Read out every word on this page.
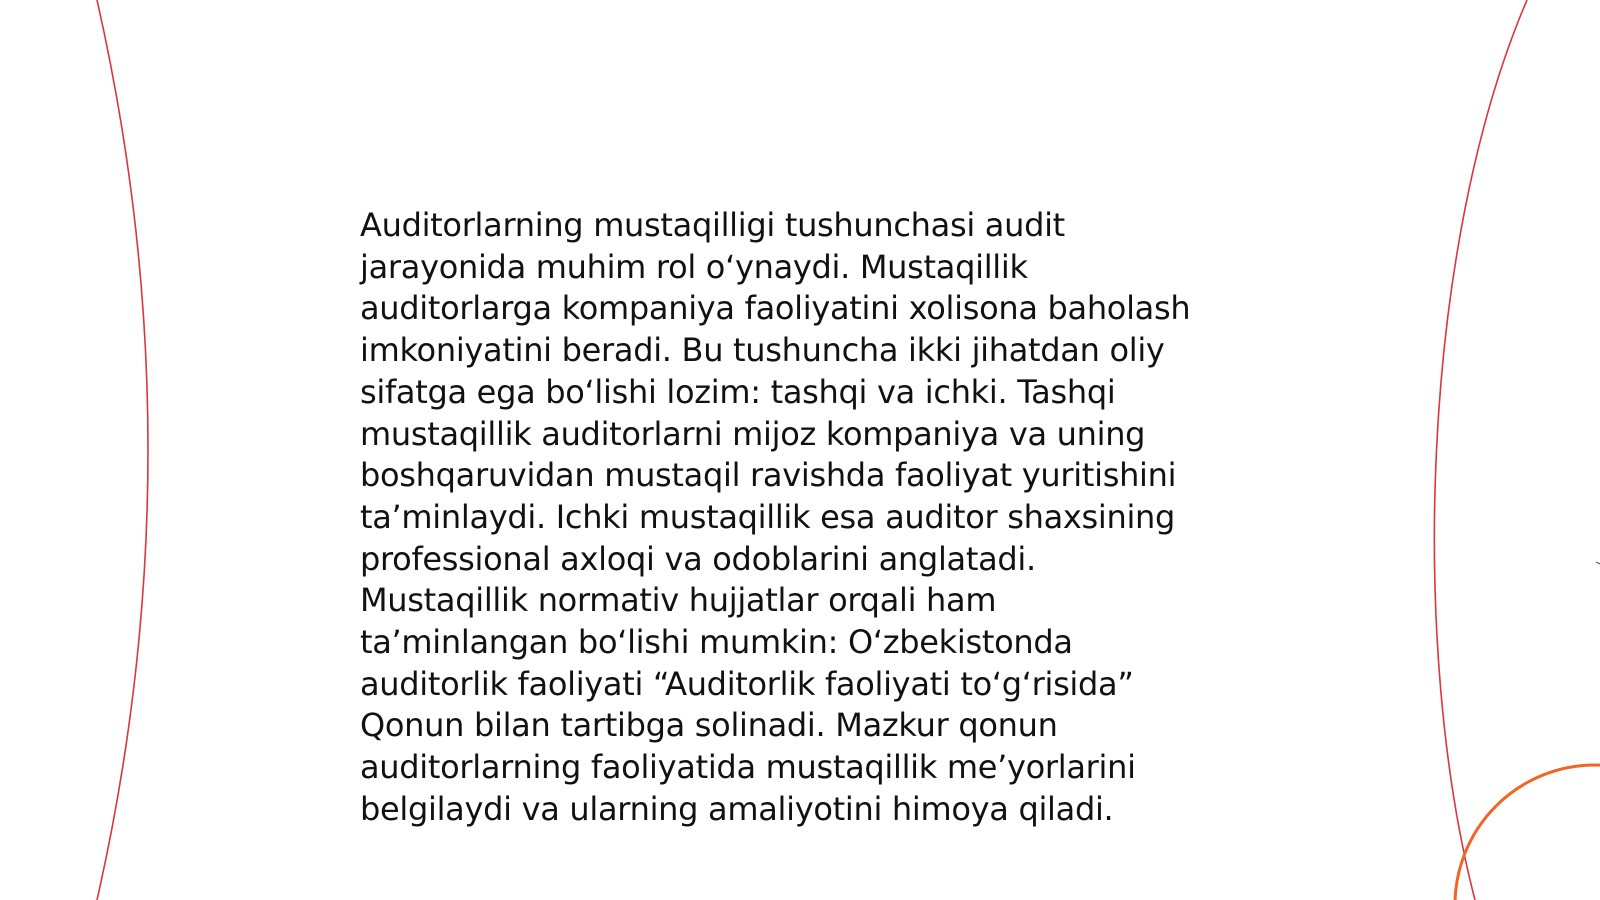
Auditorlarning mustaqilligi tushunchasi audit
jarayonida muhim rol o‘ynaydi. Mustaqillik
auditorlarga kompaniya faoliyatini xolisona baholash
imkoniyatini beradi. Bu tushuncha ikki jihatdan oliy
sifatga ega bo‘lishi lozim: tashqi va ichki. Tashqi
mustaqillik auditorlarni mijoz kompaniya va uning
boshqaruvidan mustaqil ravishda faoliyat yuritishini
ta’minlaydi. Ichki mustaqillik esa auditor shaxsining
professional axloqi va odoblarini anglatadi.
Mustaqillik normativ hujjatlar orqali ham
ta’minlangan bo‘lishi mumkin: O‘zbekistonda
auditorlik faoliyati “Auditorlik faoliyati to‘g‘risida”
Qonun bilan tartibga solinadi. Mazkur qonun
auditorlarning faoliyatida mustaqillik me’yorlarini
belgilaydi va ularning amaliyotini himoya qiladi.
